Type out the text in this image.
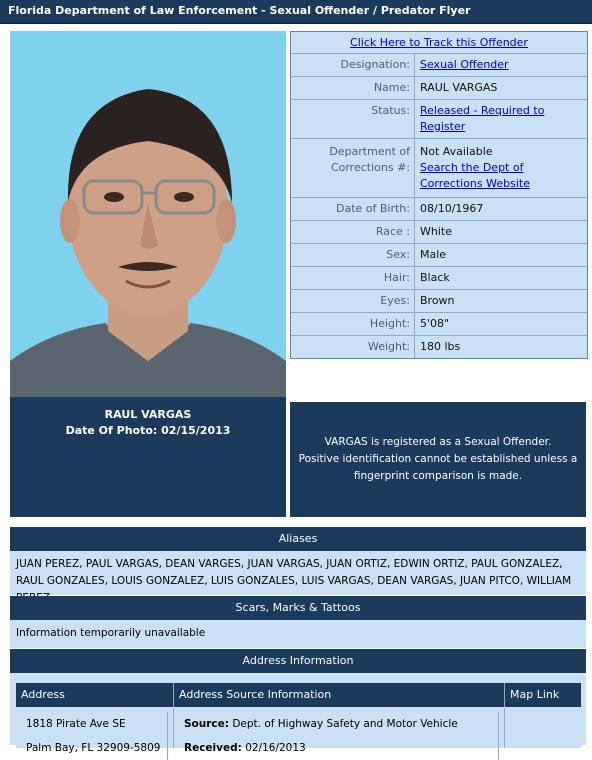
Florida Department of Law Enforcement - Sexual Offender / Predator Flyer
RAUL VARGAS
Date Of Photo: 02/15/2013
Click Here to Track this Offender
Designation: Sexual Offender
Name: RAUL VARGAS
Status: Released - Required to Register
Department of Corrections #:
Not Available
Search the Dept of Corrections Website
Date of Birth: 08/10/1967
Race : White
Sex: Male
Hair: Black
Eyes: Brown
Height: 5'08"
Weight: 180 lbs
VARGAS is registered as a Sexual Offender.
Positive identification cannot be established unless a fingerprint comparison is made.
Aliases
JUAN PEREZ, PAUL VARGAS, DEAN VARGES, JUAN VARGAS, JUAN ORTIZ, EDWIN ORTIZ, PAUL GONZALEZ, RAUL GONZALES, LOUIS GONZALEZ, LUIS GONZALES, LUIS VARGAS, DEAN VARGAS, JUAN PITCO, WILLIAM
Scars, Marks & Tattoos
Information temporarily unavailable
Address Information
Address	Address Source Information	Map Link
1818 Pirate Ave SE
Palm Bay, FL 32909-5809
Source: Dept. of Highway Safety and Motor Vehicle
Received: 02/16/2013
